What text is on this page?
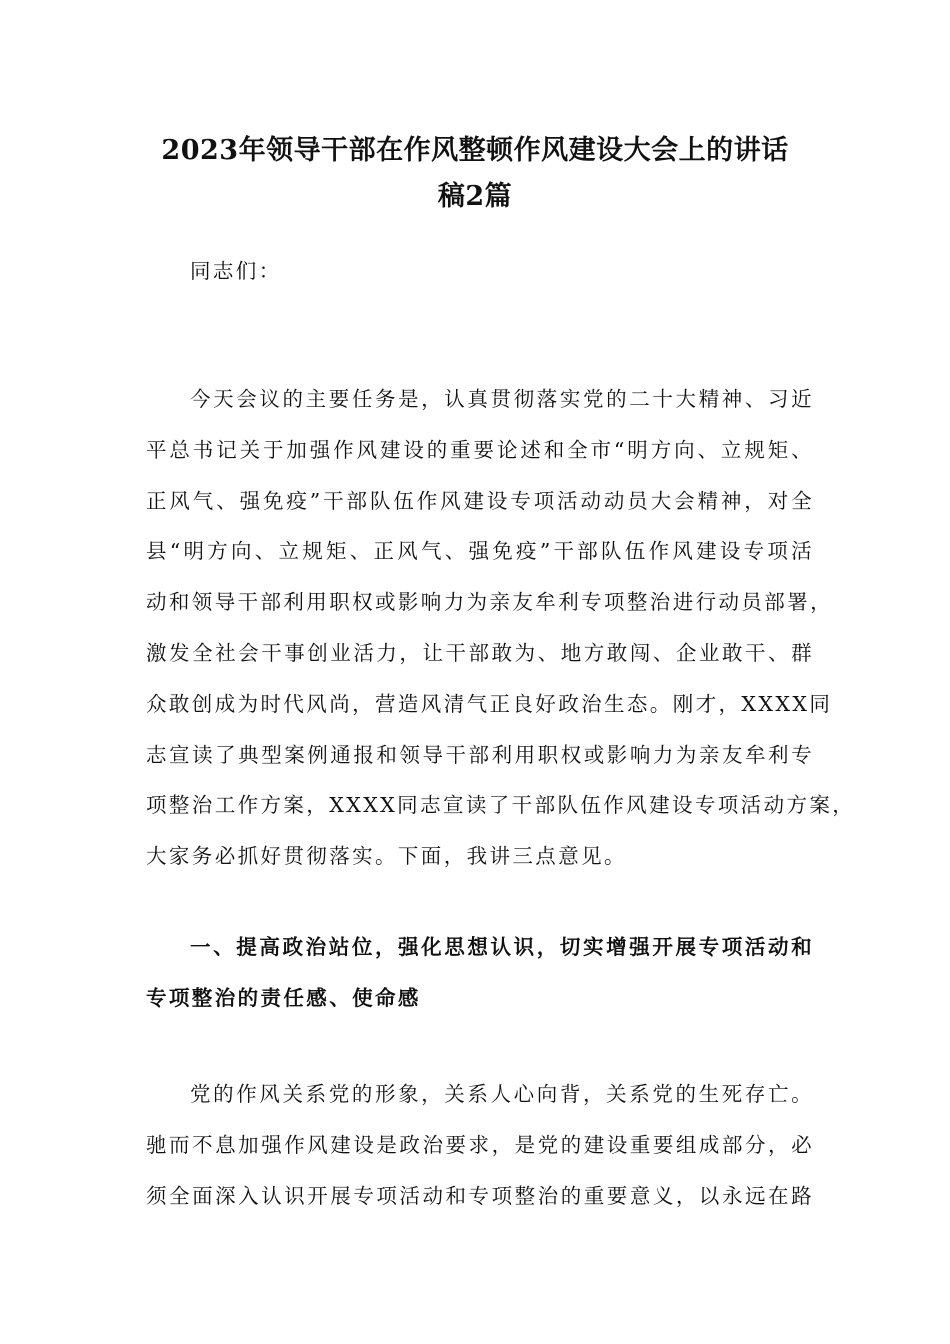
2023年领导干部在作风整顿作风建设大会上的讲话
稿2篇
同志们：
今天会议的主要任务是，认真贯彻落实党的二十大精神、习近
平总书记关于加强作风建设的重要论述和全市“明方向、立规矩、
正风气、强免疫”干部队伍作风建设专项活动动员大会精神，对全
县“明方向、立规矩、正风气、强免疫”干部队伍作风建设专项活
动和领导干部利用职权或影响力为亲友牟利专项整治进行动员部署，
激发全社会干事创业活力，让干部敢为、地方敢闯、企业敢干、群
众敢创成为时代风尚，营造风清气正良好政治生态。刚才，XXXX同
志宣读了典型案例通报和领导干部利用职权或影响力为亲友牟利专
项整治工作方案，XXXX同志宣读了干部队伍作风建设专项活动方案，
大家务必抓好贯彻落实。下面，我讲三点意见。
一、提高政治站位，强化思想认识，切实增强开展专项活动和
专项整治的责任感、使命感
党的作风关系党的形象，关系人心向背，关系党的生死存亡。
驰而不息加强作风建设是政治要求，是党的建设重要组成部分，必
须全面深入认识开展专项活动和专项整治的重要意义，以永远在路
